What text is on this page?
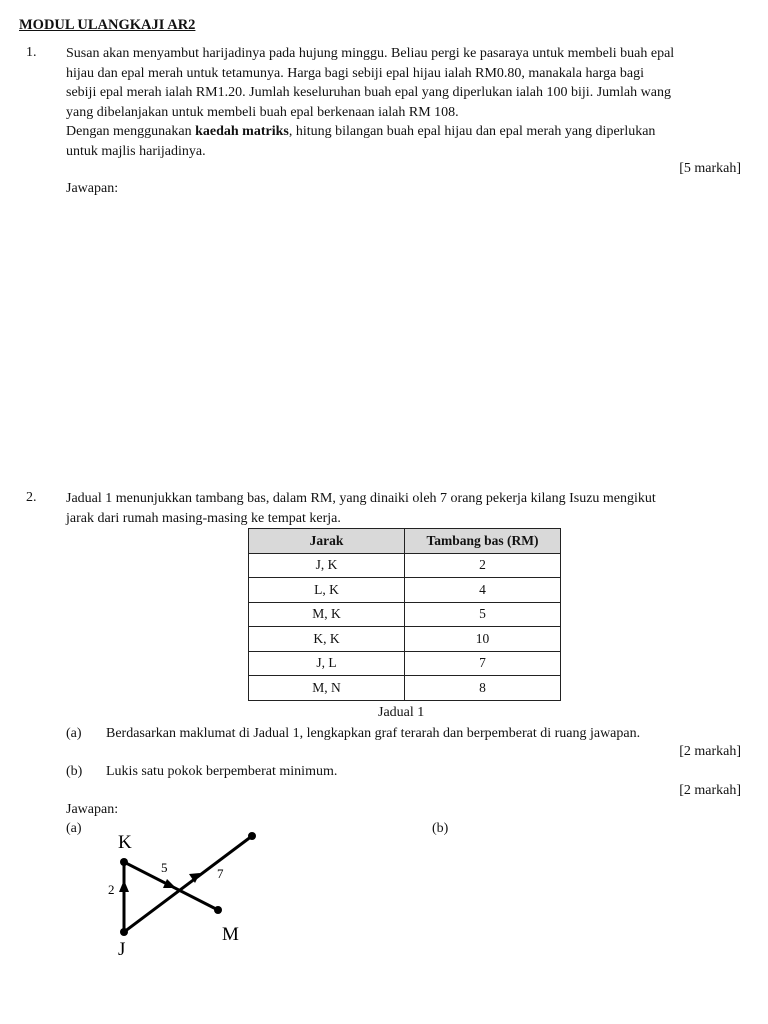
MODUL ULANGKAJI AR2
1. Susan akan menyambut harijadinya pada hujung minggu. Beliau pergi ke pasaraya untuk membeli buah epal
hijau dan epal merah untuk tetamunya. Harga bagi sebiji epal hijau ialah RM0.80, manakala harga bagi
sebiji epal merah ialah RM1.20. Jumlah keseluruhan buah epal yang diperlukan ialah 100 biji. Jumlah wang
yang dibelanjakan untuk membeli buah epal berkenaan ialah RM 108.
Dengan menggunakan kaedah matriks, hitung bilangan buah epal hijau dan epal merah yang diperlukan
untuk majlis harijadinya.
[5 markah]
Jawapan:
2. Jadual 1 menunjukkan tambang bas, dalam RM, yang dinaiki oleh 7 orang pekerja kilang Isuzu mengikut
jarak dari rumah masing-masing ke tempat kerja.
Jarak	Tambang bas (RM)
J, K	2
L, K	4
M, K	5
K, K	10
J, L	7
M, N	8
Jadual 1
(a) Berdasarkan maklumat di Jadual 1, lengkapkan graf terarah dan berpemberat di ruang jawapan.
[2 markah]
(b) Lukis satu pokok berpemberat minimum.
[2 markah]
Jawapan:
(a)	(b)
K
J
M
2
5	7
